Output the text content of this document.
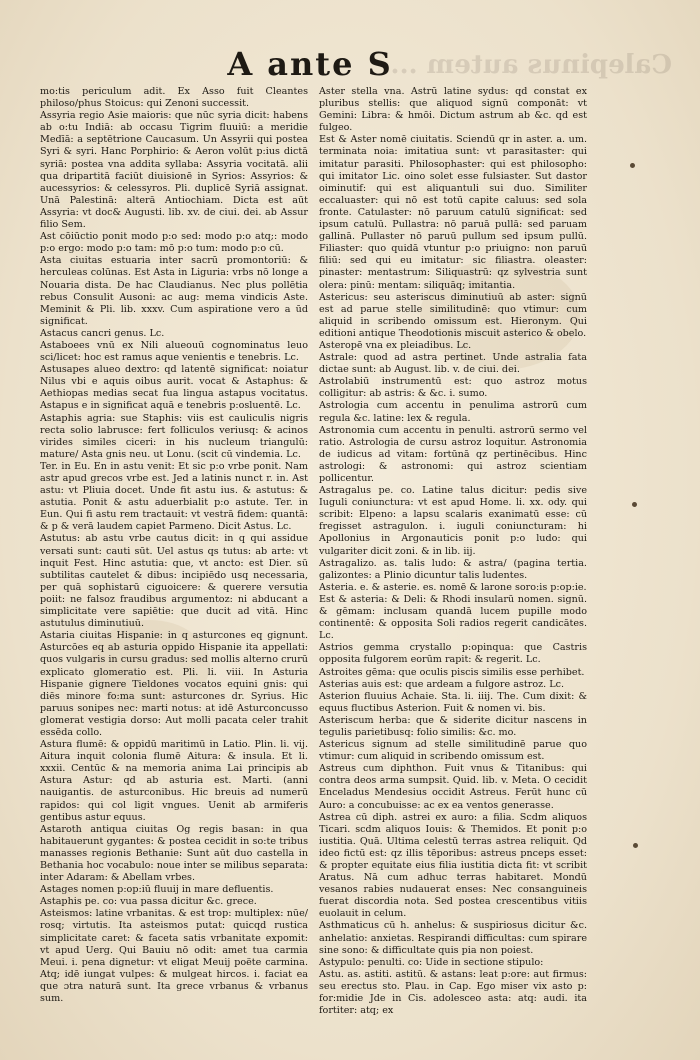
Calepinus autem ...
A ante S

mo:tis periculum adit. Ex Asso fuit Cleantes philoso/phus Stoicus: qui Zenoni successit.

Assyria regio Asie maioris: que nūc syria dicit: habens ab o:tu Indiā: ab occasu Tigrim fluuiū: a meridie Medīā: a septētrione Caucasum. Un Assyrii qui postea Syri & syri. Hanc Porphirio: & Aeron volūt p:ius dictā syriā: postea vna addita syllaba: Assyria vocitatā. alii qua dripartitā faciūt diuisionē in Syrios: Assyrios: & aucessyrios: & celessyros. Pli. duplicē Syriā assignat. Unā Palestinā: alterā Antiochiam. Dicta est aūt Assyria: vt doc& Augusti. lib. xv. de ciui. dei. ab Assur filio Sem.

Ast cōiūctio ponit modo p:o sed: modo p:o atq;: modo p:o ergo: modo p:o tam: mō p:o tum: modo p:o cū.

Asta ciuitas estuaria inter sacrū promontoriū: & herculeas colūnas. Est Asta in Liguria: vrbs nō longe a Nouaria dista. De hac Claudianus. Nec plus pollētia rebus Consulit Ausoni: ac aug: mema vindicis Aste. Meminit & Pli. lib. xxxv. Cum aspiratione vero a ūd significat.

Astacus cancri genus. Lc.

Astaboees vnū ex Nili alueouū cognominatus leuo sci/licet: hoc est ramus aque venientis e tenebris. Lc.

Astusapes alueo dextro: qd latentē significat: noiatur Nilus vbi e aquis oibus aurit. vocat & Astaphus: & Aethiopas medias secat fua lingua astapus vocitatus. Astapus e in significat aquā e tenebris p:osluentē. Lc.

Astaphis agria: sue Staphis: viis est cauliculis nigris recta solio labrusce: fert folliculos veriusq: & acinos virides similes ciceri: in his nucleum triangulū: mature/ Asta gnis neu. ut Lonu. (scit cū vindemia. Lc.

Ter. in Eu. En in astu venit: Et sic p:o vrbe ponit. Nam astr apud grecos vrbe est. Jed a latinis nunct r. in. Ast astu: vt Pliuia docet. Unde fit astu ius. & astutus: & astutia. Ponit & astu aduerbialit p:o astute. Ter. in Eun. Qui fi astu rem tractauit: vt vestrā fidem: quantā: & p & verā laudem capiet Parmeno. Dicit Astus. Lc.

Astutus: ab astu vrbe cautus dicit: in q qui assidue versati sunt: cauti sūt. Uel astus qs tutus: ab arte: vt inquit Fest. Hinc astutia: que, vt ancto: est Dier. sū subtilitas cautelet & dibus: incipiēdo usq necessaria, per quā sophistarū ciguoicere: & querere versutia poiit: ne falsoz fraudibus argumentoz: ni abducant a simplicitate vere sapiētie: que ducit ad vitā. Hinc astutulus diminutiuū.

Astaria ciuitas Hispanie: in q asturcones eq gignunt. Asturcōes eq ab asturia oppido Hispanie ita appellati: quos vulgaris in cursu gradus: sed mollis alterno crurū explicato glomeratio est. Pli. li. viii. In Asturia Hispanie gignere Tieldones vocatos equini gnis: qui diēs minore fo:ma sunt: asturcones dr. Syrius. Hic paruus sonipes nec: marti notus: at idē Asturconcusso glomerat vestigia dorso: Aut molli pacata celer trahit essēda collo.

Astura flumē: & oppidū maritimū in Latio. Plin. li. vij. Aitura inquit colonia flumē Aitura: & insula. Et li. xxxii. Centūc & na memoria anima Lai principis ab Astura Astur: qd ab asturia est. Marti. (anni nauigantis. de asturconibus. Hic breuis ad numerū rapidos: qui col ligit vngues. Uenit ab armiferis gentibus astur equus.

Astaroth antiqua ciuitas Og regis basan: in qua habitauerunt gygantes: & postea cecidit in so:te tribus manasses regionis Bethanie: Sunt aūt duo castella in Bethania hoc vocabulo: noue inter se milibus separata: inter Adaram: & Abellam vrbes.

Astages nomen p:op:iū fluuij in mare defluentis.

Astaphis pe. co: vua passa dicitur &c. grece.

Asteismos: latine vrbanitas. & est trop: multiplex: nūe/ rosq; virtutis. Ita asteismos putat: quicqd rustica simplicitate caret: & faceta satis vrbanitate expomit: vt apud Uerg. Qui Bauiu nō odit: amet tua carmia Meui. i. pena dignetur: vt eligat Meuij poëte carmina. Atq; idē iungat vulpes: & mulgeat hircos. i. faciat ea que ɔtra naturā sunt. Ita grece vrbanus & vrbanus sum.

Aster stella vna. Astrū latine sydus: qd constat ex pluribus stellis: que aliquod signū componāt: vt Gemini: Libra: & hmōi. Dictum astrum ab &c. qd est fulgeo.

Est & Aster nomē ciuitatis. Sciendū qr in aster. a. um. terminata noia: imitatiua sunt: vt parasitaster: qui imitatur parasiti. Philosophaster: qui est philosopho: qui imitator Lic. oino solet esse fulsiaster. Sut dastor oiminutif: qui est aliquantuli sui duo. Similiter eccaluaster: qui nō est totū capite caluus: sed sola fronte. Catulaster: nō paruum catulū significat: sed ipsum catulū. Pullastra: nō paruā pullā: sed paruam gallinā. Pullaster nō paruū pullum sed ipsum pullū. Filiaster: quo quidā vtuntur p:o priuigno: non paruū filiū: sed qui eu imitatur: sic filiastra. oleaster: pinaster: mentastrum: Siliquastrū: qz sylvestria sunt olera: pinū: mentam: siliquāq; imitantia.

Astericus: seu asteriscus diminutiuū ab aster: signū est ad parue stelle similitudinē: quo vtimur: cum aliquid in scribendo omissum est. Hieronym. Qui editioni antique Theodotionis miscuit asterico & obelo.

Asteropē vna ex pleiadibus. Lc.

Astrale: quod ad astra pertinet. Unde astralia fata dictae sunt: ab August. lib. v. de ciui. dei.

Astrolabiū instrumentū est: quo astroz motus colligitur: ab astris: & &c. i. sumo.

Astrologia cum accentu in penulima astrorū cum regula &c. latine: lex & regula.

Astronomia cum accentu in penulti. astrorū sermo vel ratio. Astrologia de cursu astroz loquitur. Astronomia de iudicus ad vitam: fortūnā qz pertinēcibus. Hinc astrologi: & astronomi: qui astroz scientiam pollicentur.

Astragalus pe. co. Latine talus dicitur: pedis sive Iuguli coniunctura: vt est apud Home. li. xx. ody. qui scribit: Elpeno: a lapsu scalaris exanimatū esse: cū fregisset astragulon. i. iuguli coniuncturam: hi Apollonius in Argonauticis ponit p:o ludo: qui vulgariter dicit zoni. & in lib. iij.

Astragalizo. as. talis ludo: & astra/ (pagina tertia. galizontes: a Plinio dicuntur talis ludentes.

Asteria. e. & asterie. es. nomē & larone soro:is p:op:ie.

Est & asteria: & Deli: & Rhodi insularū nomen. signū. & gēmam: inclusam quandā lucem pupille modo continentē: & opposita Soli radios regerit candicātes. Lc.

Astrios gemma crystallo p:opinqua: que Castris opposita fulgorem eorūm rapit: & regerit. Lc.

Astroites gēma: que oculis piscis similis esse perhibet.

Asterias auis est: que ardeam a fulgore astroz. Lc.

Asterion fluuius Achaie. Sta. li. iiij. The. Cum dixit: & equus fluctibus Asterion. Fuit & nomen vi. bis.

Asteriscum herba: que & siderite dicitur nascens in tegulis parietibusq: folio similis: &c. mo.

Astericus signum ad stelle similitudinē parue quo vtimur: cum aliquid in scribendo omissum est.

Astreus cum diphthon. Fuit vnus & Titanibus: qui contra deos arma sumpsit. Quid. lib. v. Meta. O cecidit Enceladus Mendesius occidit Astreus. Ferūt hunc cū Auro: a concubuisse: ac ex ea ventos generasse.

Astrea cū diph. astrei ex auro: a filia. Scdm aliquos Ticari. scdm aliquos Iouis: & Themidos. Et ponit p:o iustitia. Quā. Ultima celestū terras astrea reliquit. Qd ideo fictū est: qz illis tēporibus: astreus pnceps esset: & propter equitate eius filia iustitia dicta fit: vt scribit Aratus. Nā cum adhuc terras habitaret. Mondū vesanos rabies nudauerat enses: Nec consanguineis fuerat discordia nota. Sed postea crescentibus vitiis euolauit in celum.

Asthmaticus cū h. anhelus: & suspiriosus dicitur &c. anhelatio: anxietas. Respirandi difficultas: cum spirare sine sono: & difficultate quis pia non poiest.

Astypulo: penulti. co: Uide in sectione stipulo:

Astu. as. astiti. astitū. & astans: leat p:ore: aut firmus: seu erectus sto. Plau. in Cap. Ego miser vix asto p: for:midie Jde in Cis. adolesceo asta: atq: audi. ita fortiter: atq; ex
